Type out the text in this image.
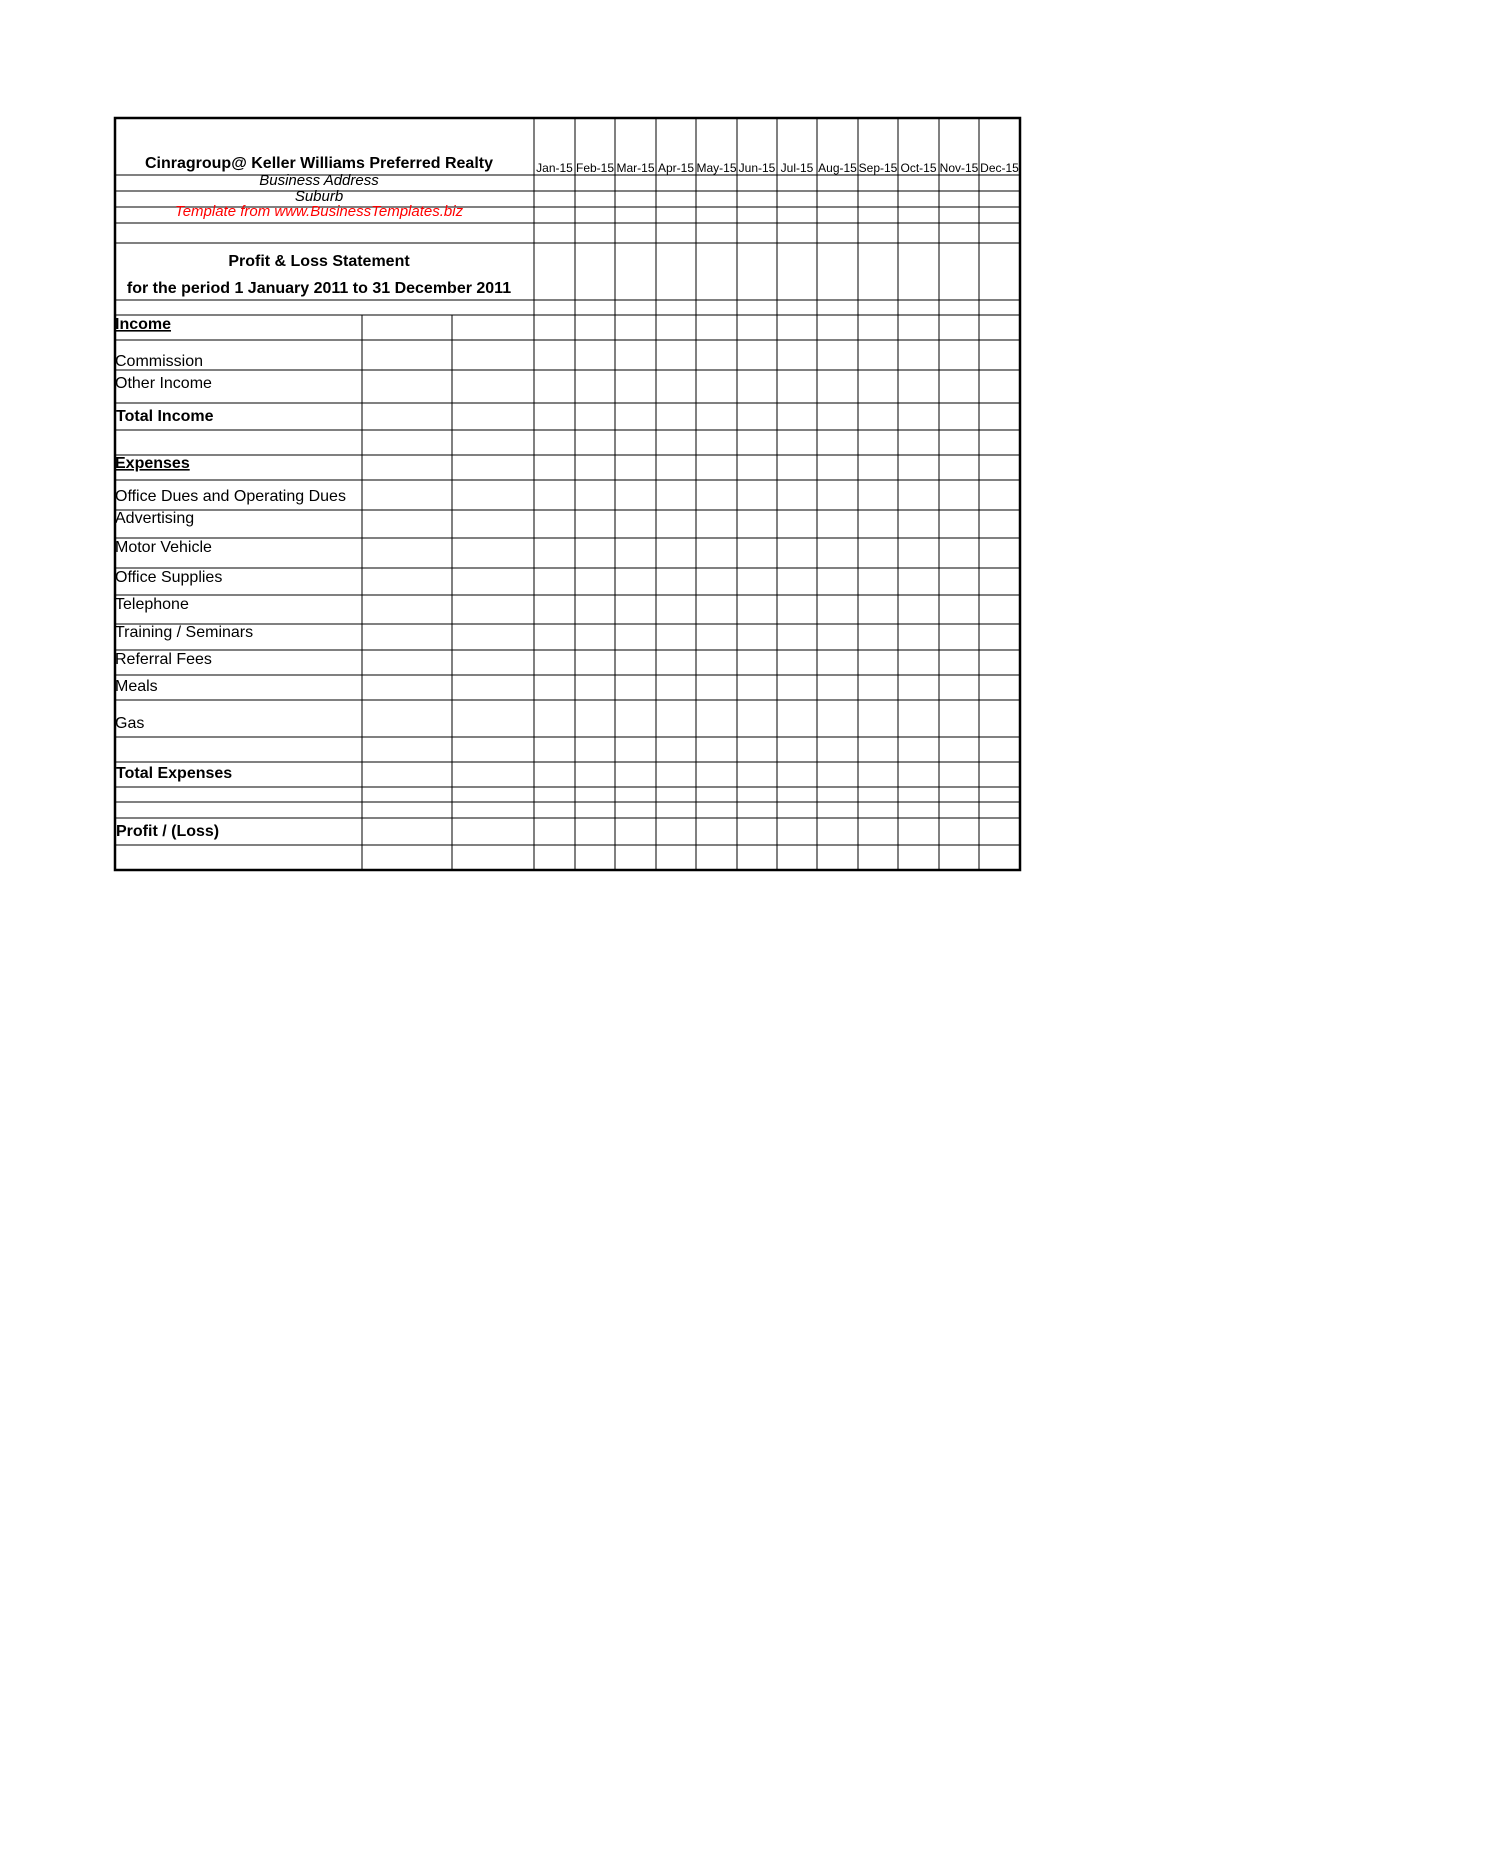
Cinragroup@ Keller Williams Preferred Realty
Business Address
Suburb
Template from www.BusinessTemplates.biz
Profit & Loss Statement
for the period 1 January 2011 to 31 December 2011
Jan-15 Feb-15 Mar-15 Apr-15 May-15 Jun-15 Jul-15 Aug-15 Sep-15 Oct-15 Nov-15 Dec-15
Income
Commission
Other Income
Total Income
Expenses
Office Dues and Operating Dues
Advertising
Motor Vehicle
Office Supplies
Telephone
Training / Seminars
Referral Fees
Meals
Gas
Total Expenses
Profit / (Loss)
